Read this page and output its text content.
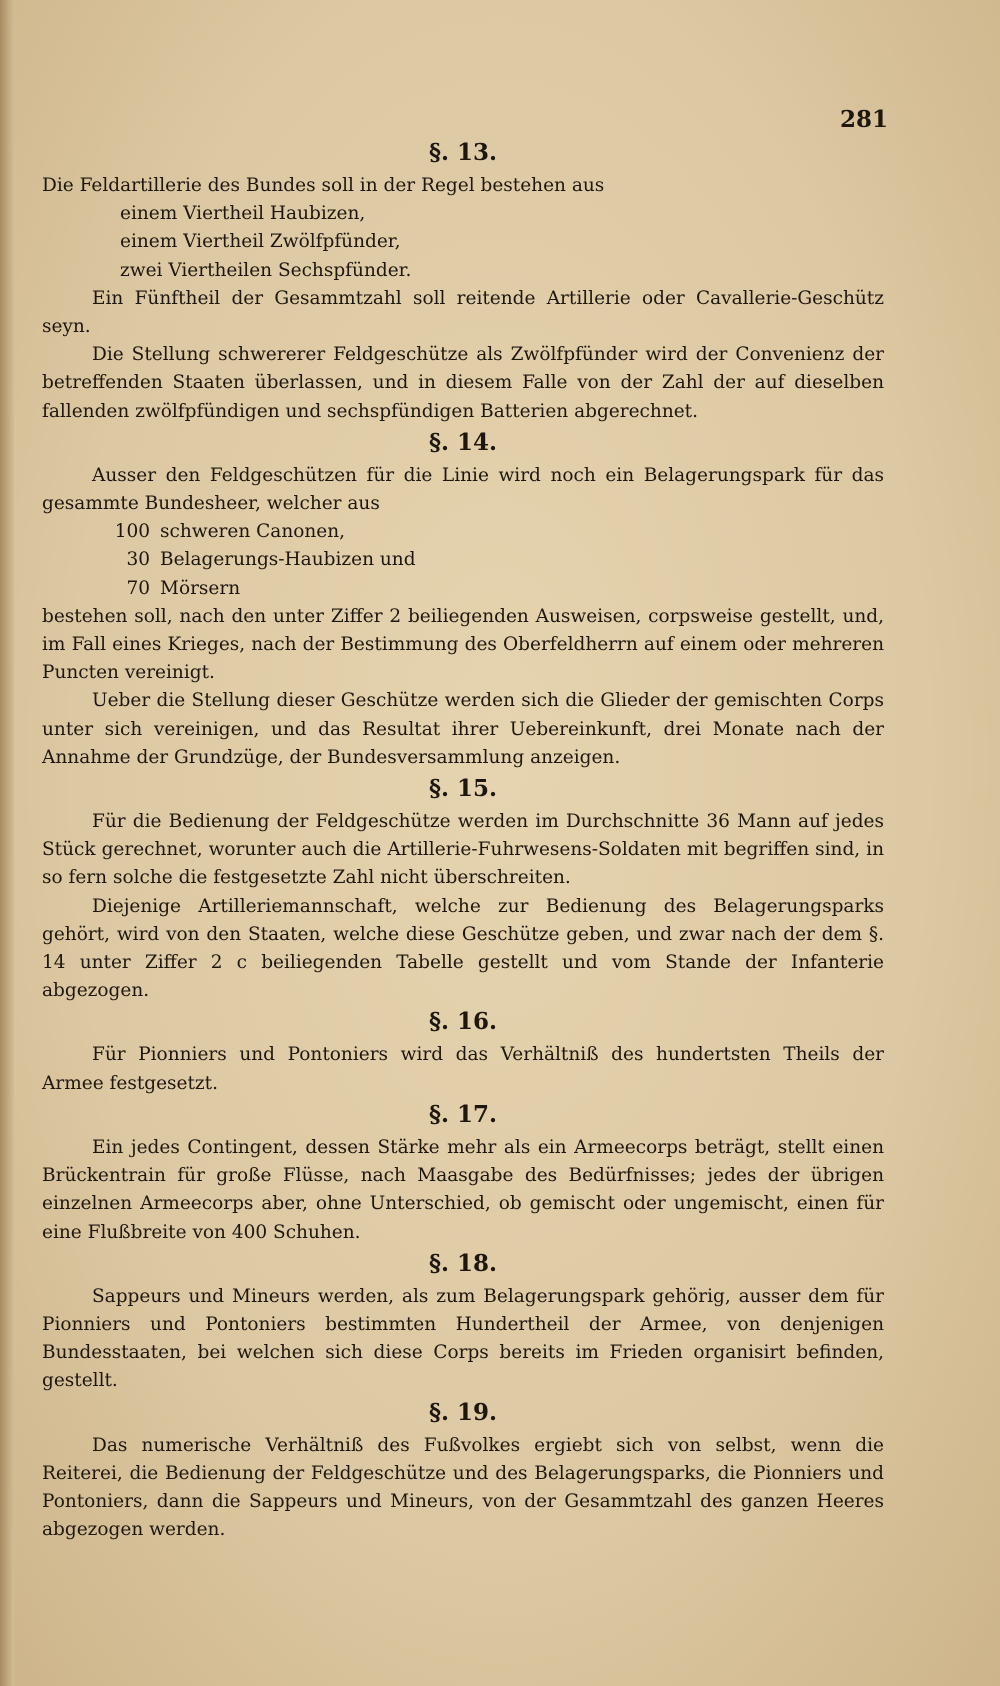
281
§. 13.

Die Feldartillerie des Bundes soll in der Regel bestehen aus

einem Viertheil Haubizen,
einem Viertheil Zwölfpfünder,
zwei Viertheilen Sechspfünder.

Ein Fünftheil der Gesammtzahl soll reitende Artillerie oder Cavallerie-Geschütz seyn.

Die Stellung schwererer Feldgeschütze als Zwölfpfünder wird der Convenienz der betreffenden Staaten überlassen, und in diesem Falle von der Zahl der auf dieselben fallenden zwölfpfündigen und sechspfündigen Batterien abgerechnet.

§. 14.

Ausser den Feldgeschützen für die Linie wird noch ein Belagerungspark für das gesammte Bundesheer, welcher aus

100 schweren Canonen,
30 Belagerungs-Haubizen und
70 Mörsern

bestehen soll, nach den unter Ziffer 2 beiliegenden Ausweisen, corpsweise gestellt, und, im Fall eines Krieges, nach der Bestimmung des Oberfeldherrn auf einem oder mehreren Puncten vereinigt.

Ueber die Stellung dieser Geschütze werden sich die Glieder der gemischten Corps unter sich vereinigen, und das Resultat ihrer Uebereinkunft, drei Monate nach der Annahme der Grundzüge, der Bundesversammlung anzeigen.

§. 15.

Für die Bedienung der Feldgeschütze werden im Durchschnitte 36 Mann auf jedes Stück gerechnet, worunter auch die Artillerie-Fuhrwesens-Soldaten mit begriffen sind, in so fern solche die festgesetzte Zahl nicht überschreiten.

Diejenige Artilleriemannschaft, welche zur Bedienung des Belagerungsparks gehört, wird von den Staaten, welche diese Geschütze geben, und zwar nach der dem §. 14 unter Ziffer 2 c beiliegenden Tabelle gestellt und vom Stande der Infanterie abgezogen.

§. 16.

Für Pionniers und Pontoniers wird das Verhältniß des hundertsten Theils der Armee festgesetzt.

§. 17.

Ein jedes Contingent, dessen Stärke mehr als ein Armeecorps beträgt, stellt einen Brückentrain für große Flüsse, nach Maasgabe des Bedürfnisses; jedes der übrigen einzelnen Armeecorps aber, ohne Unterschied, ob gemischt oder ungemischt, einen für eine Flußbreite von 400 Schuhen.

§. 18.

Sappeurs und Mineurs werden, als zum Belagerungspark gehörig, ausser dem für Pionniers und Pontoniers bestimmten Hundertheil der Armee, von denjenigen Bundesstaaten, bei welchen sich diese Corps bereits im Frieden organisirt befinden, gestellt.

§. 19.

Das numerische Verhältniß des Fußvolkes ergiebt sich von selbst, wenn die Reiterei, die Bedienung der Feldgeschütze und des Belagerungsparks, die Pionniers und Pontoniers, dann die Sappeurs und Mineurs, von der Gesammtzahl des ganzen Heeres abgezogen werden.
